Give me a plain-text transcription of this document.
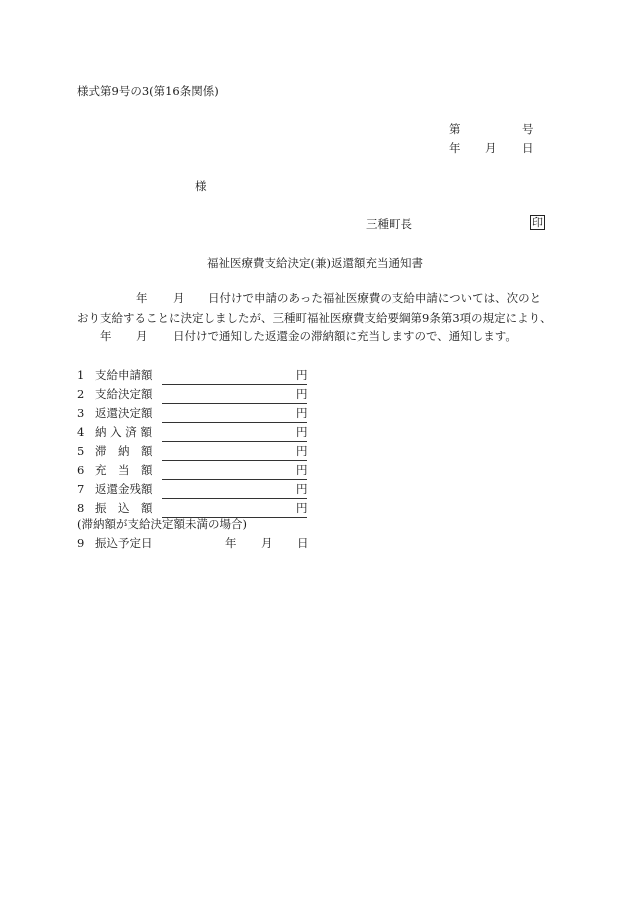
様式第9号の3(第16条関係)
第	号
年 月 日
様
三種町長	印
福祉医療費支給決定(兼)返還額充当通知書
年 月 日付けで申請のあった福祉医療費の支給申請については、次のと
おり支給することに決定しましたが、三種町福祉医療費支給要綱第9条第3項の規定により、
年 月 日付けで通知した返還金の滞納額に充当しますので、通知します。
1 支給申請額	円
2 支給決定額	円
3 返還決定額	円
4 納 入 済 額	円
5 滞　納　額	円
6 充　当　額	円
7 返還金残額	円
8 振　込　額	円
(滞納額が支給決定額未満の場合)
9 振込予定日	年 月 日
